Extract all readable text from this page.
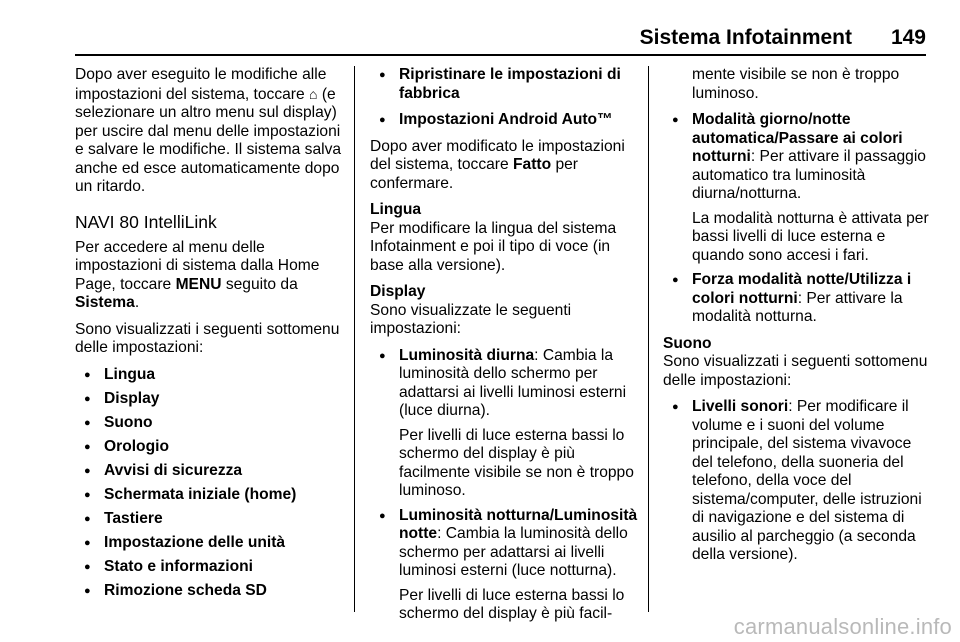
Sistema Infotainment 149

Dopo aver eseguito le modifiche alle impostazioni del sistema, toccare ⌂ (e selezionare un altro menu sul display) per uscire dal menu delle impostazioni e salvare le modifiche. Il sistema salva anche ed esce automaticamente dopo un ritardo.

NAVI 80 IntelliLink

Per accedere al menu delle impostazioni di sistema dalla Home Page, toccare MENU seguito da Sistema.

Sono visualizzati i seguenti sottomenu delle impostazioni:

● Lingua
● Display
● Suono
● Orologio
● Avvisi di sicurezza
● Schermata iniziale (home)
● Tastiere
● Impostazione delle unità
● Stato e informazioni
● Rimozione scheda SD
● Ripristinare le impostazioni di fabbrica
● Impostazioni Android Auto™

Dopo aver modificato le impostazioni del sistema, toccare Fatto per confermare.

Lingua

Per modificare la lingua del sistema Infotainment e poi il tipo di voce (in base alla versione).

Display

Sono visualizzate le seguenti impostazioni:

● Luminosità diurna: Cambia la luminosità dello schermo per adattarsi ai livelli luminosi esterni (luce diurna).
Per livelli di luce esterna bassi lo schermo del display è più facilmente visibile se non è troppo luminoso.
● Luminosità notturna/Luminosità notte: Cambia la luminosità dello schermo per adattarsi ai livelli luminosi esterni (luce notturna).
Per livelli di luce esterna bassi lo schermo del display è più facil-

mente visibile se non è troppo luminoso.

● Modalità giorno/notte automatica/Passare ai colori notturni: Per attivare il passaggio automatico tra luminosità diurna/notturna.
La modalità notturna è attivata per bassi livelli di luce esterna e quando sono accesi i fari.
● Forza modalità notte/Utilizza i colori notturni: Per attivare la modalità notturna.
Suono

Sono visualizzati i seguenti sottomenu delle impostazioni:

● Livelli sonori: Per modificare il volume e i suoni del volume principale, del sistema vivavoce del telefono, della suoneria del telefono, della voce del sistema/computer, delle istruzioni di navigazione e del sistema di ausilio al parcheggio (a seconda della versione).
carmanualsonline.info
